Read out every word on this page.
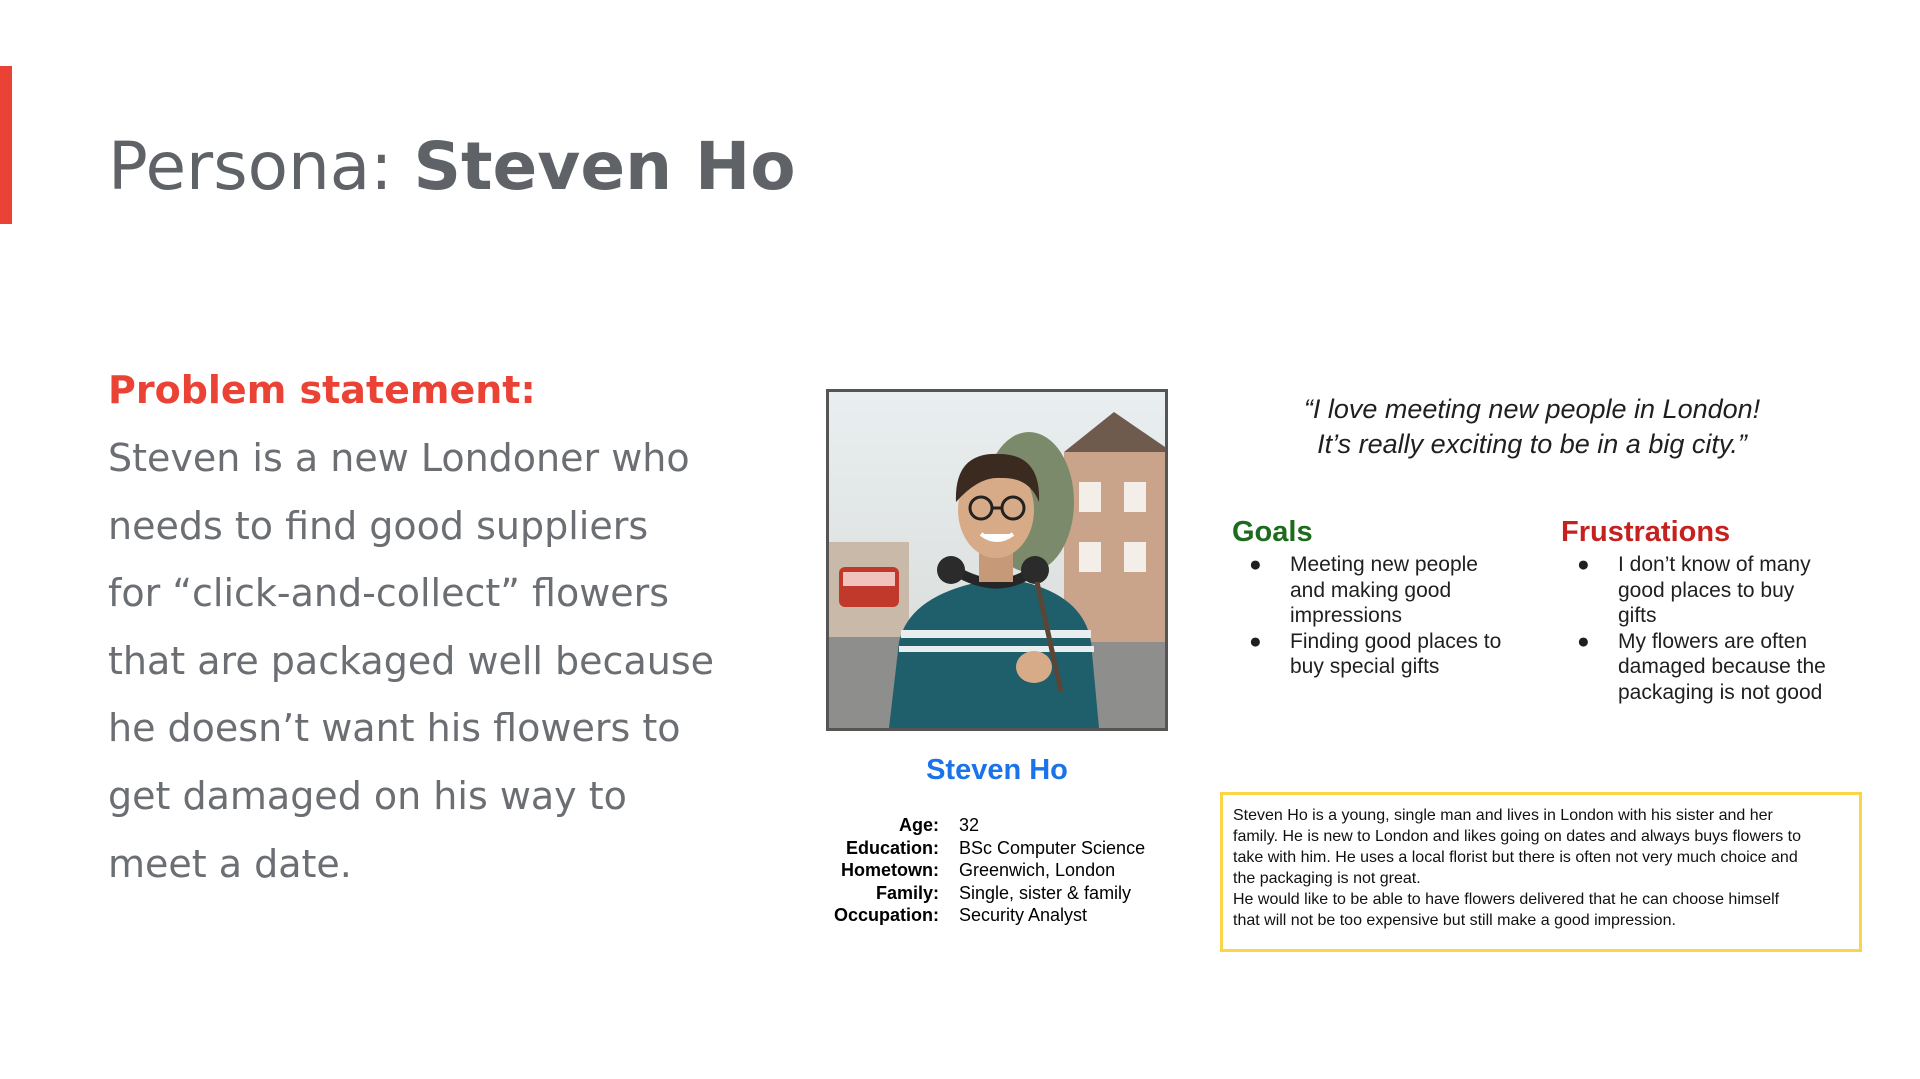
Persona: Steven Ho
Problem statement:
Steven is a new Londoner who
needs to find good suppliers
for “click-and-collect” flowers
that are packaged well because
he doesn’t want his flowers to
get damaged on his way to
meet a date.
Steven Ho
Age:	32
Education:	BSc Computer Science
Hometown:	Greenwich, London
Family:	Single, sister & family
Occupation:	Security Analyst
“I love meeting new people in London!
It’s really exciting to be in a big city.”
Goals
● Meeting new people
and making good
impressions
● Finding good places to
buy special gifts
Frustrations
● I don’t know of many
good places to buy
gifts
● My flowers are often
damaged because the
packaging is not good
Steven Ho is a young, single man and lives in London with his sister and her
family. He is new to London and likes going on dates and always buys flowers to
take with him. He uses a local florist but there is often not very much choice and
the packaging is not great.
He would like to be able to have flowers delivered that he can choose himself
that will not be too expensive but still make a good impression.
